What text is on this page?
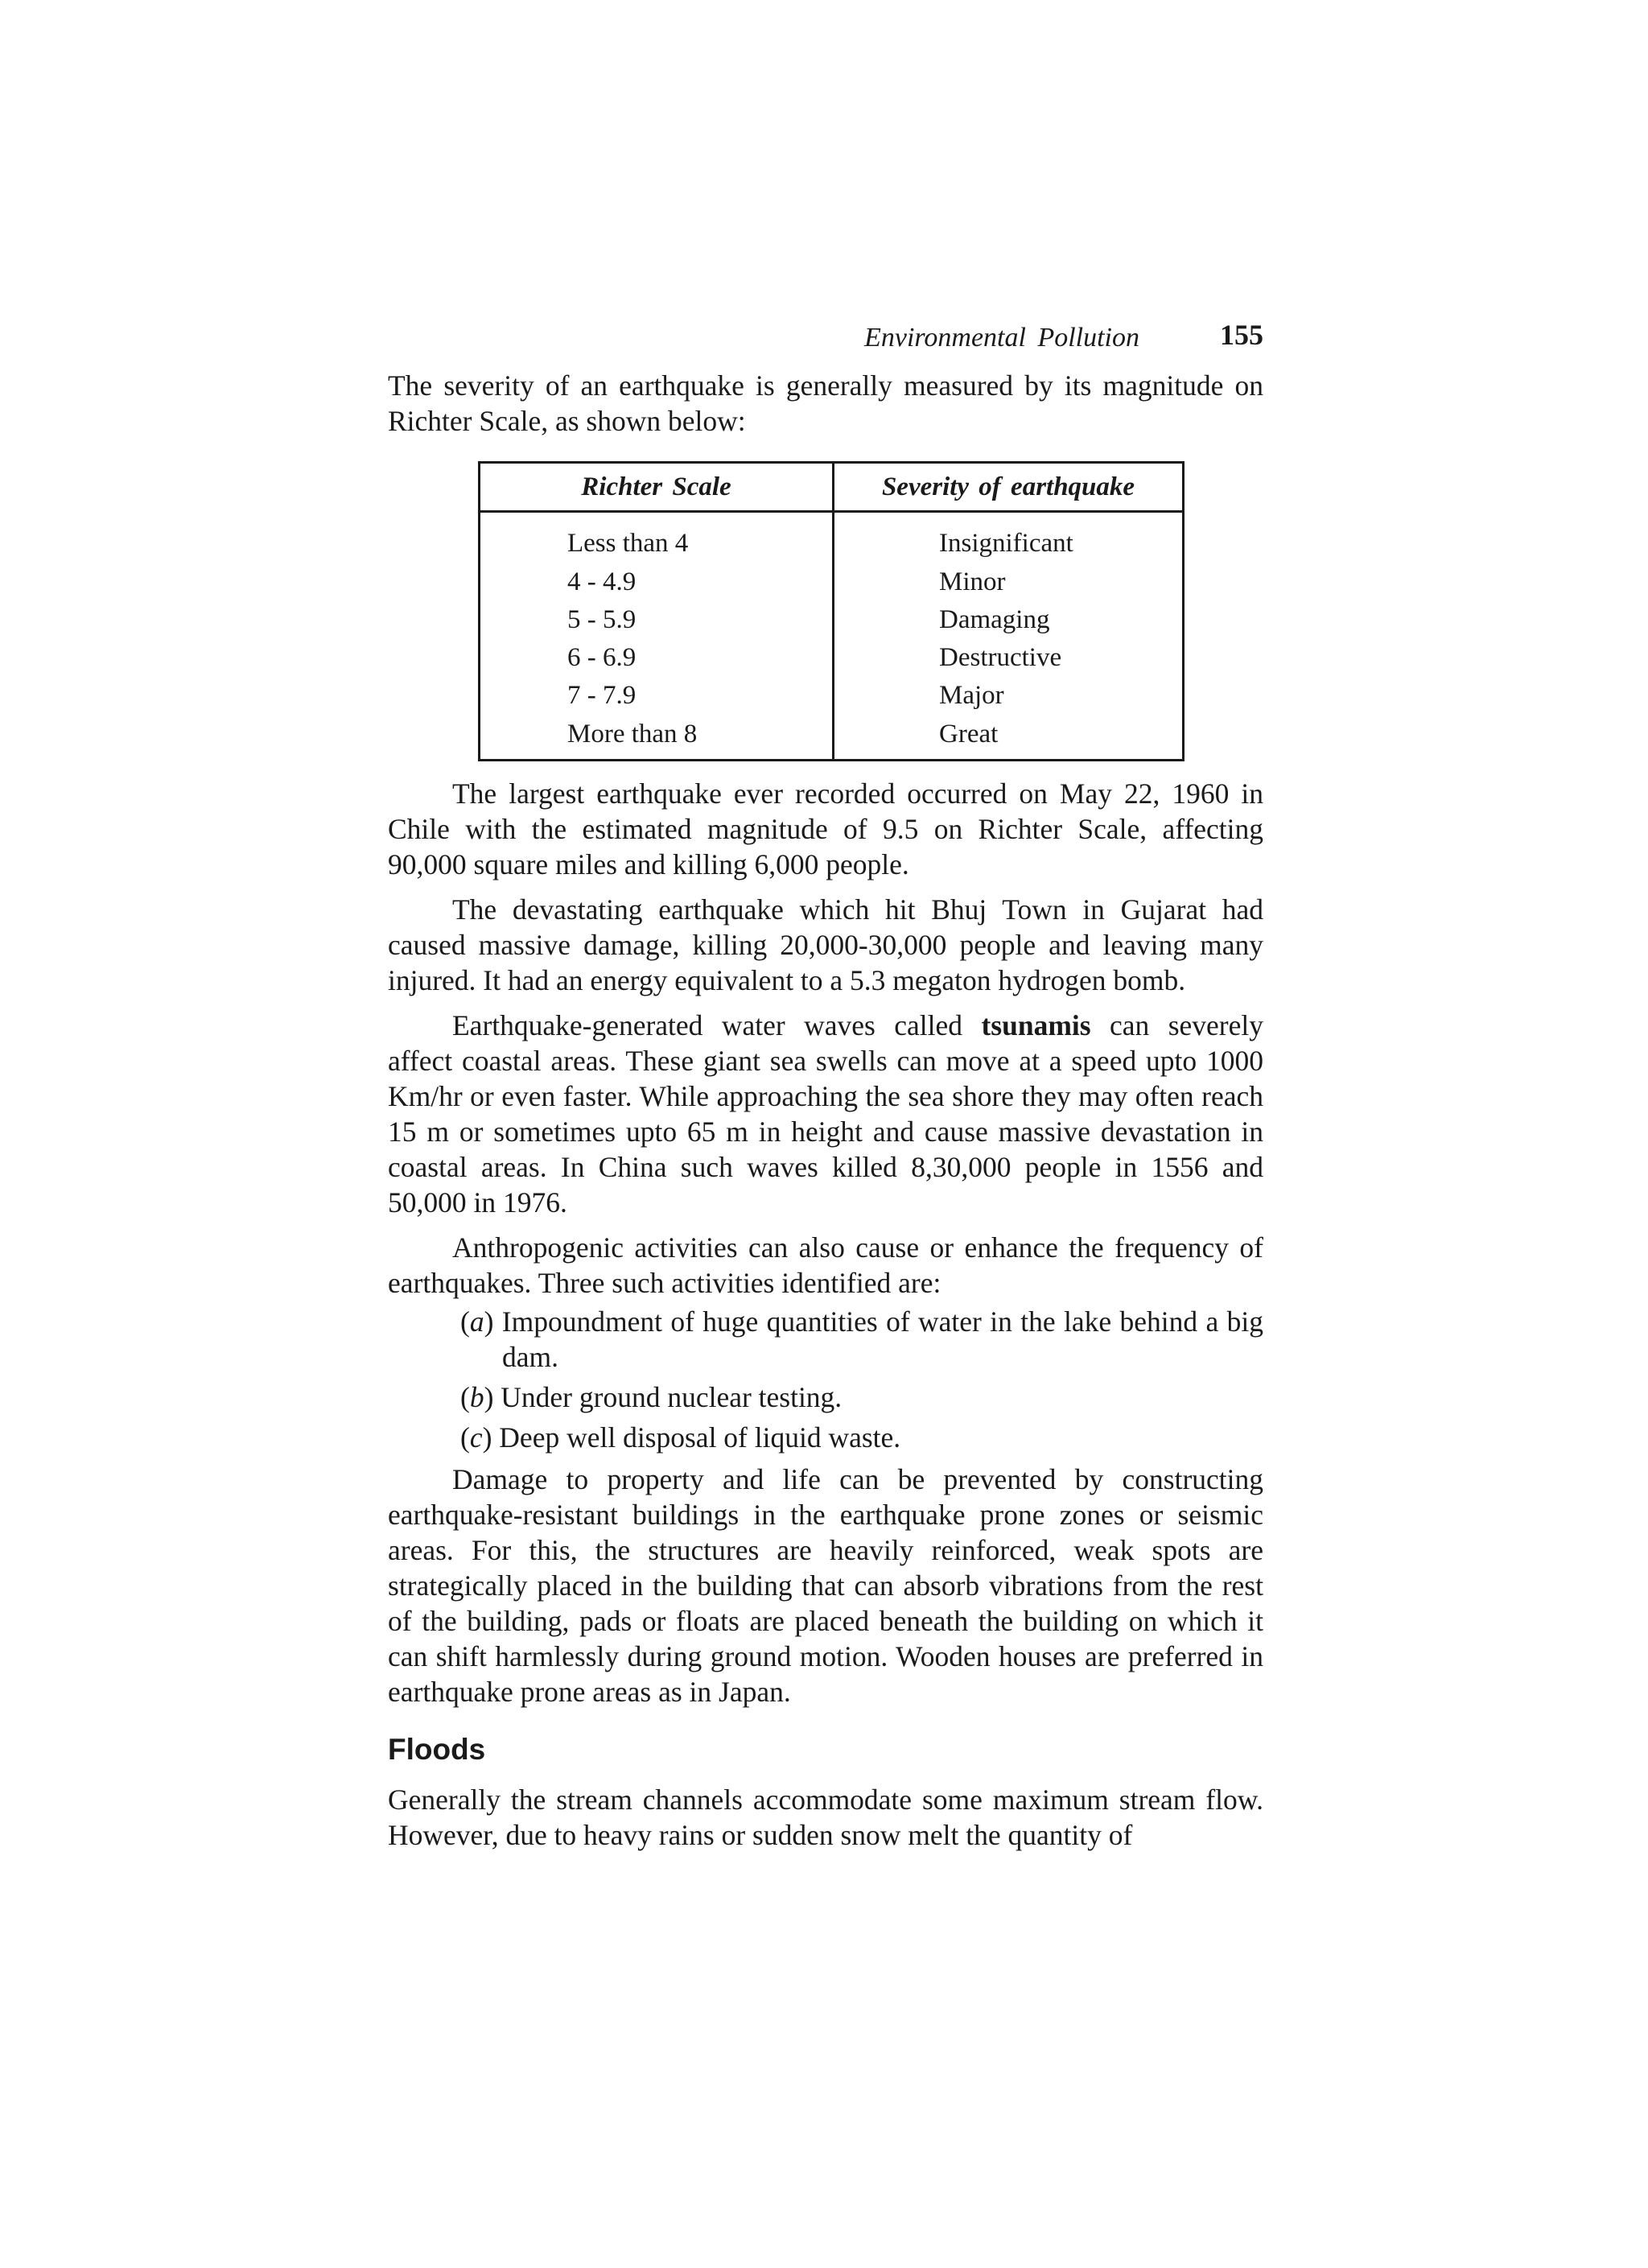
Environmental Pollution	155

The severity of an earthquake is generally measured by its magnitude on Richter Scale, as shown below:

Richter Scale	Severity of earthquake
Less than 4	Insignificant
4 - 4.9	Minor
5 - 5.9	Damaging
6 - 6.9	Destructive
7 - 7.9	Major
More than 8	Great

The largest earthquake ever recorded occurred on May 22, 1960 in Chile with the estimated magnitude of 9.5 on Richter Scale, affecting 90,000 square miles and killing 6,000 people.

The devastating earthquake which hit Bhuj Town in Gujarat had caused massive damage, killing 20,000-30,000 people and leaving many injured. It had an energy equivalent to a 5.3 megaton hydrogen bomb.

Earthquake-generated water waves called tsunamis can severely affect coastal areas. These giant sea swells can move at a speed upto 1000 Km/hr or even faster. While approaching the sea shore they may often reach 15 m or sometimes upto 65 m in height and cause massive devastation in coastal areas. In China such waves killed 8,30,000 people in 1556 and 50,000 in 1976.

Anthropogenic activities can also cause or enhance the frequency of earthquakes. Three such activities identified are:

(a) Impoundment of huge quantities of water in the lake behind a big dam.
(b) Under ground nuclear testing.
(c) Deep well disposal of liquid waste.

Damage to property and life can be prevented by constructing earthquake-resistant buildings in the earthquake prone zones or seismic areas. For this, the structures are heavily reinforced, weak spots are strategically placed in the building that can absorb vibrations from the rest of the building, pads or floats are placed beneath the building on which it can shift harmlessly during ground motion. Wooden houses are preferred in earthquake prone areas as in Japan.

Floods

Generally the stream channels accommodate some maximum stream flow. However, due to heavy rains or sudden snow melt the quantity of
